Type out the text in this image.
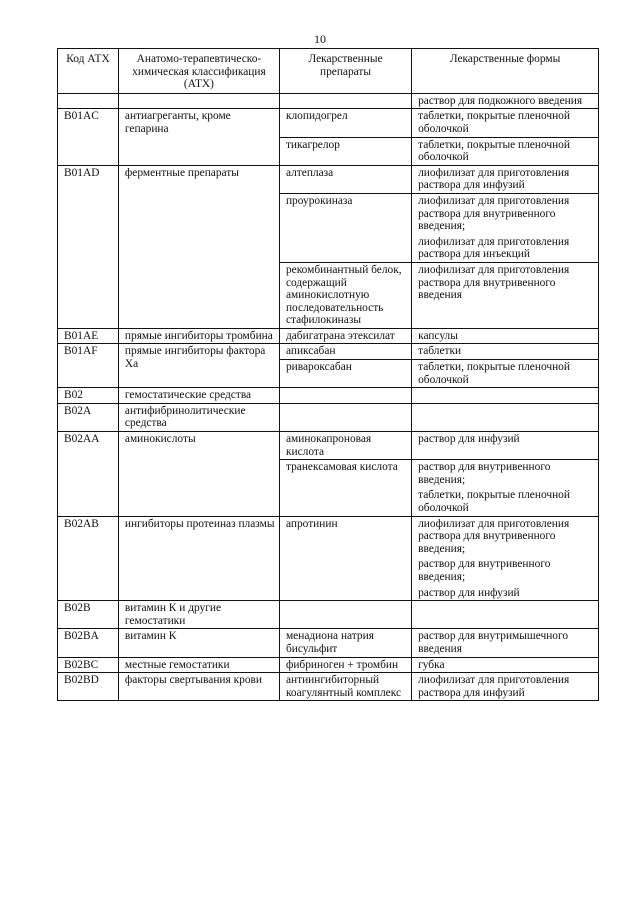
10
Код АТХ	Анатомо-терапевтическо-химическая классификация (АТХ)	Лекарственные препараты	Лекарственные формы

			раствор для подкожного введения

B01AC	антиагреганты, кроме гепарина	клопидогрел	таблетки, покрытые пленочной оболочкой

		тикагрелор	таблетки, покрытые пленочной оболочкой

B01AD	ферментные препараты	алтеплаза	лиофилизат для приготовления раствора для инфузий

		проурокиназа	лиофилизат для приготовления раствора для внутривенного введения;
лиофилизат для приготовления раствора для инъекций

		рекомбинантный белок, содержащий аминокислотную последовательность стафилокиназы	лиофилизат для приготовления раствора для внутривенного введения

B01AE	прямые ингибиторы тромбина	дабигатрана этексилат	капсулы

B01AF	прямые ингибиторы фактора Ха	апиксабан	таблетки

		ривароксабан	таблетки, покрытые пленочной оболочкой

B02	гемостатические средства		
B02A	антифибринолитические средства		
B02AA	аминокислоты	аминокапроновая кислота	раствор для инфузий

		транексамовая кислота	раствор для внутривенного введения;
таблетки, покрытые пленочной оболочкой

B02AB	ингибиторы протеиназ плазмы	апротинин	лиофилизат для приготовления раствора для внутривенного введения;
раствор для внутривенного введения;
раствор для инфузий

B02B	витамин К и другие гемостатики		
B02BA	витамин К	менадиона натрия бисульфит	раствор для внутримышечного введения

B02BC	местные гемостатики	фибриноген + тромбин	губка

B02BD	факторы свертывания крови	антиингибиторный коагулянтный комплекс	лиофилизат для приготовления раствора для инфузий
